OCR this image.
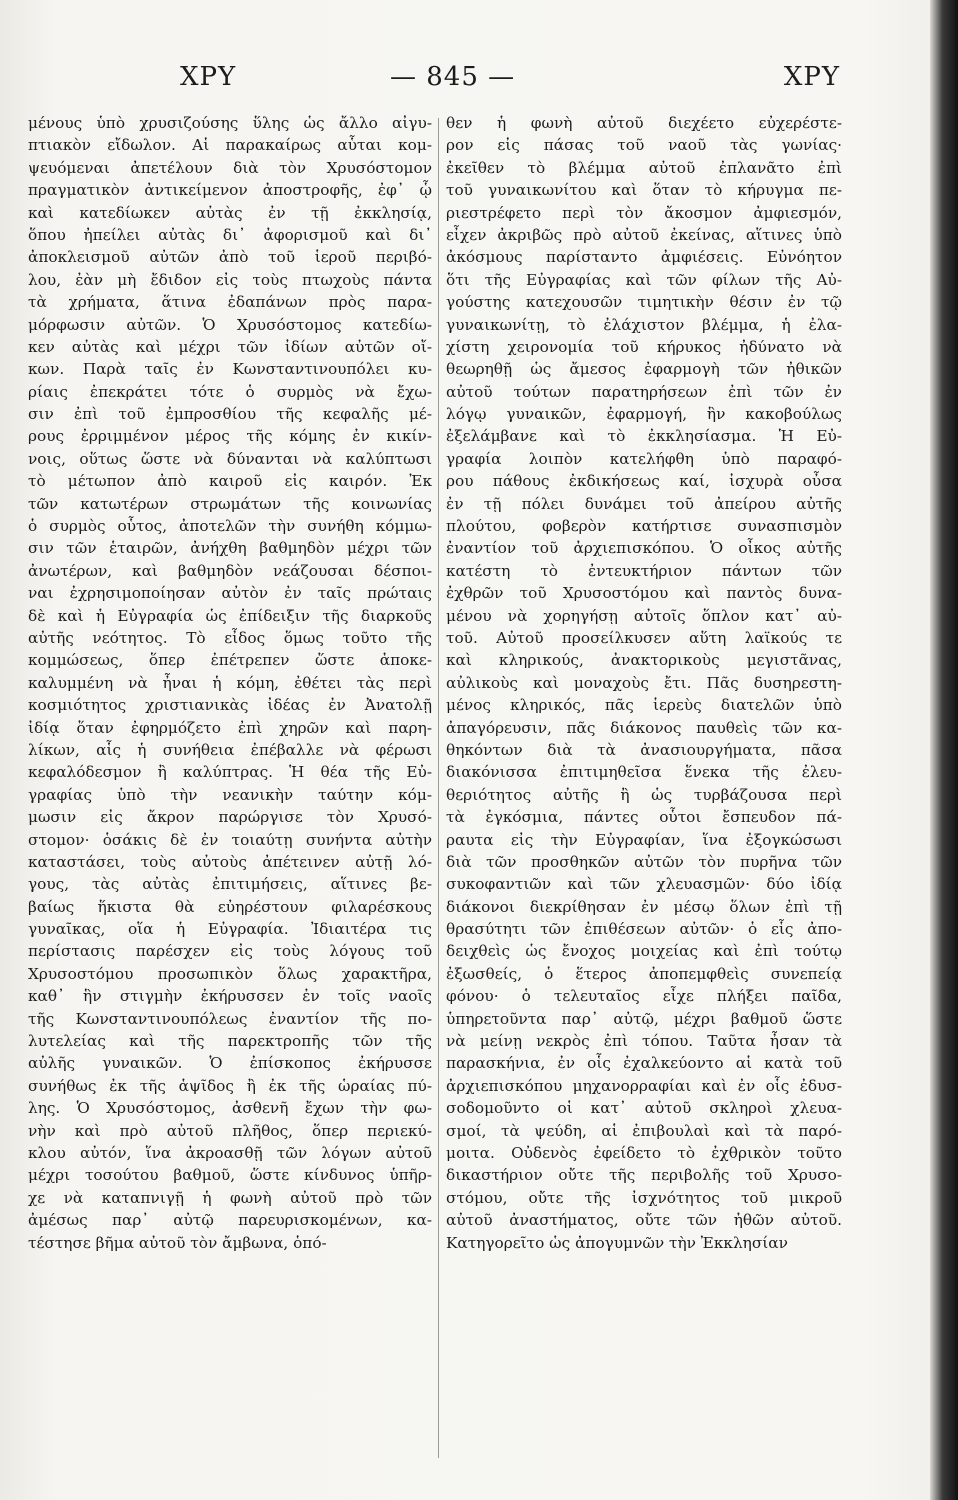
ΧΡΥ	— 845 —	ΧΡΥ
μένους ὑπὸ χρυσιζούσης ὕλης ὡς ἄλλο αἰγυ-
πτιακὸν εἴδωλον. Αἱ παρακαίρως αὗται κομ-
ψευόμεναι ἀπετέλουν διὰ τὸν Χρυσόστομον
πραγματικὸν ἀντικείμενον ἀποστροφῆς, ἐφ᾿ ᾧ
καὶ κατεδίωκεν αὐτὰς ἐν τῇ ἐκκλησίᾳ,
ὅπου ἠπείλει αὐτὰς δι᾿ ἀφορισμοῦ καὶ δι᾿
ἀποκλεισμοῦ αὐτῶν ἀπὸ τοῦ ἱεροῦ περιβό-
λου, ἐὰν μὴ ἔδιδον εἰς τοὺς πτωχοὺς πάντα
τὰ χρήματα, ἅτινα ἐδαπάνων πρὸς παρα-
μόρφωσιν αὐτῶν. Ὁ Χρυσόστομος κατεδίω-
κεν αὐτὰς καὶ μέχρι τῶν ἰδίων αὐτῶν οἴ-
κων. Παρὰ ταῖς ἐν Κωνσταντινουπόλει κυ-
ρίαις ἐπεκράτει τότε ὁ συρμὸς νὰ ἔχω-
σιν ἐπὶ τοῦ ἐμπροσθίου τῆς κεφαλῆς μέ-
ρους ἐρριμμένον μέρος τῆς κόμης ἐν κικίν-
νοις, οὕτως ὥστε νὰ δύνανται νὰ καλύπτωσι
τὸ μέτωπον ἀπὸ καιροῦ εἰς καιρόν. Ἐκ
τῶν κατωτέρων στρωμάτων τῆς κοινωνίας
ὁ συρμὸς οὗτος, ἀποτελῶν τὴν συνήθη κόμμω-
σιν τῶν ἑταιρῶν, ἀνήχθη βαθμηδὸν μέχρι τῶν
ἀνωτέρων, καὶ βαθμηδὸν νεάζουσαι δέσποι-
ναι ἐχρησιμοποίησαν αὐτὸν ἐν ταῖς πρώταις
δὲ καὶ ἡ Εὐγραφία ὡς ἐπίδειξιν τῆς διαρκοῦς
αὐτῆς νεότητος. Τὸ εἶδος ὅμως τοῦτο τῆς
κομμώσεως, ὅπερ ἐπέτρεπεν ὥστε ἀποκε-
καλυμμένη νὰ ἦναι ἡ κόμη, ἐθέτει τὰς περὶ
κοσμιότητος χριστιανικὰς ἰδέας ἐν Ἀνατολῇ
ἰδίᾳ ὅταν ἐφηρμόζετο ἐπὶ χηρῶν καὶ παρη-
λίκων, αἷς ἡ συνήθεια ἐπέβαλλε νὰ φέρωσι
κεφαλόδεσμον ἢ καλύπτρας. Ἡ θέα τῆς Εὐ-
γραφίας ὑπὸ τὴν νεανικὴν ταύτην κόμ-
μωσιν εἰς ἄκρον παρώργισε τὸν Χρυσό-
στομον· ὁσάκις δὲ ἐν τοιαύτῃ συνήντα αὐτὴν
καταστάσει, τοὺς αὐτοὺς ἀπέτεινεν αὐτῇ λό-
γους, τὰς αὐτὰς ἐπιτιμήσεις, αἵτινες βε-
βαίως ἥκιστα θὰ εὐηρέστουν φιλαρέσκους
γυναῖκας, οἵα ἡ Εὐγραφία. Ἰδιαιτέρα τις
περίστασις παρέσχεν εἰς τοὺς λόγους τοῦ
Χρυσοστόμου προσωπικὸν ὅλως χαρακτῆρα,
καθ᾿ ἣν στιγμὴν ἐκήρυσσεν ἐν τοῖς ναοῖς
τῆς Κωνσταντινουπόλεως ἐναντίον τῆς πο-
λυτελείας καὶ τῆς παρεκτροπῆς τῶν τῆς
αὐλῆς γυναικῶν. Ὁ ἐπίσκοπος ἐκήρυσσε
συνήθως ἐκ τῆς ἁψῖδος ἢ ἐκ τῆς ὡραίας πύ-
λης. Ὁ Χρυσόστομος, ἀσθενῆ ἔχων τὴν φω-
νὴν καὶ πρὸ αὐτοῦ πλῆθος, ὅπερ περιεκύ-
κλου αὐτόν, ἵνα ἀκροασθῇ τῶν λόγων αὐτοῦ
μέχρι τοσούτου βαθμοῦ, ὥστε κίνδυνος ὑπῆρ-
χε νὰ καταπνιγῇ ἡ φωνὴ αὐτοῦ πρὸ τῶν
ἀμέσως παρ᾿ αὐτῷ παρευρισκομένων, κα-
τέστησε βῆμα αὐτοῦ τὸν ἄμβωνα, ὁπό-
θεν ἡ φωνὴ αὐτοῦ διεχέετο εὐχερέστε-
ρον εἰς πάσας τοῦ ναοῦ τὰς γωνίας·
ἐκεῖθεν τὸ βλέμμα αὐτοῦ ἐπλανᾶτο ἐπὶ
τοῦ γυναικωνίτου καὶ ὅταν τὸ κήρυγμα πε-
ριεστρέφετο περὶ τὸν ἄκοσμον ἀμφιεσμόν,
εἶχεν ἀκριβῶς πρὸ αὐτοῦ ἐκείνας, αἵτινες ὑπὸ
ἀκόσμους παρίσταντο ἀμφιέσεις. Εὐνόητον
ὅτι τῆς Εὐγραφίας καὶ τῶν φίλων τῆς Αὐ-
γούστης κατεχουσῶν τιμητικὴν θέσιν ἐν τῷ
γυναικωνίτῃ, τὸ ἐλάχιστον βλέμμα, ἡ ἐλα-
χίστη χειρονομία τοῦ κήρυκος ἠδύνατο νὰ
θεωρηθῇ ὡς ἄμεσος ἐφαρμογὴ τῶν ἠθικῶν
αὐτοῦ τούτων παρατηρήσεων ἐπὶ τῶν ἐν
λόγῳ γυναικῶν, ἐφαρμογή, ἣν κακοβούλως
ἐξελάμβανε καὶ τὸ ἐκκλησίασμα. Ἡ Εὐ-
γραφία λοιπὸν κατελήφθη ὑπὸ παραφό-
ρου πάθους ἐκδικήσεως καί, ἰσχυρὰ οὖσα
ἐν τῇ πόλει δυνάμει τοῦ ἀπείρου αὐτῆς
πλούτου, φοβερὸν κατήρτισε συνασπισμὸν
ἐναντίον τοῦ ἀρχιεπισκόπου. Ὁ οἶκος αὐτῆς
κατέστη τὸ ἐντευκτήριον πάντων τῶν
ἐχθρῶν τοῦ Χρυσοστόμου καὶ παντὸς δυνα-
μένου νὰ χορηγήσῃ αὐτοῖς ὅπλον κατ᾿ αὐ-
τοῦ. Αὐτοῦ προσείλκυσεν αὕτη λαϊκούς τε
καὶ κληρικούς, ἀνακτορικοὺς μεγιστᾶνας,
αὐλικοὺς καὶ μοναχοὺς ἔτι. Πᾶς δυσηρεστη-
μένος κληρικός, πᾶς ἱερεὺς διατελῶν ὑπὸ
ἀπαγόρευσιν, πᾶς διάκονος παυθεὶς τῶν κα-
θηκόντων διὰ τὰ ἀνασιουργήματα, πᾶσα
διακόνισσα ἐπιτιμηθεῖσα ἕνεκα τῆς ἐλευ-
θεριότητος αὐτῆς ἢ ὡς τυρβάζουσα περὶ
τὰ ἐγκόσμια, πάντες οὗτοι ἔσπευδον πά-
ραυτα εἰς τὴν Εὐγραφίαν, ἵνα ἐξογκώσωσι
διὰ τῶν προσθηκῶν αὐτῶν τὸν πυρῆνα τῶν
συκοφαντιῶν καὶ τῶν χλευασμῶν· δύο ἰδίᾳ
διάκονοι διεκρίθησαν ἐν μέσῳ ὅλων ἐπὶ τῇ
θρασύτητι τῶν ἐπιθέσεων αὐτῶν· ὁ εἷς ἀπο-
δειχθεὶς ὡς ἔνοχος μοιχείας καὶ ἐπὶ τούτῳ
ἐξωσθείς, ὁ ἕτερος ἀποπεμφθεὶς συνεπείᾳ
φόνου· ὁ τελευταῖος εἶχε πλήξει παῖδα,
ὑπηρετοῦντα παρ᾿ αὐτῷ, μέχρι βαθμοῦ ὥστε
νὰ μείνῃ νεκρὸς ἐπὶ τόπου. Ταῦτα ἦσαν τὰ
παρασκήνια, ἐν οἷς ἐχαλκεύοντο αἱ κατὰ τοῦ
ἀρχιεπισκόπου μηχανορραφίαι καὶ ἐν οἷς ἐδυσ-
σοδομοῦντο οἱ κατ᾿ αὐτοῦ σκληροὶ χλευα-
σμοί, τὰ ψεύδη, αἱ ἐπιβουλαὶ καὶ τὰ παρό-
μοιτα. Οὐδενὸς ἐφείδετο τὸ ἐχθρικὸν τοῦτο
δικαστήριον οὔτε τῆς περιβολῆς τοῦ Χρυσο-
στόμου, οὔτε τῆς ἰσχνότητος τοῦ μικροῦ
αὐτοῦ ἀναστήματος, οὔτε τῶν ἠθῶν αὐτοῦ.
Κατηγορεῖτο ὡς ἀπογυμνῶν τὴν Ἐκκλησίαν
